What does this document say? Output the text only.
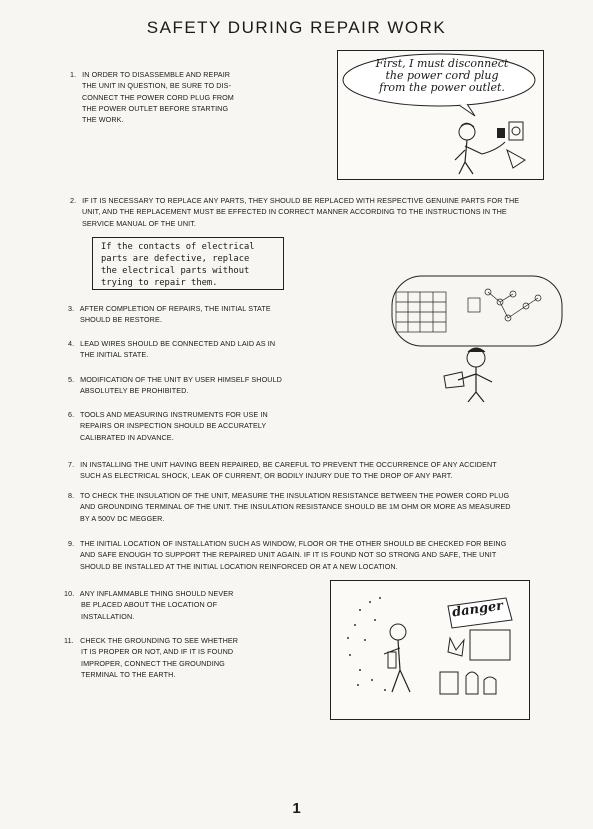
SAFETY DURING REPAIR WORK
1. IN ORDER TO DISASSEMBLE AND REPAIR
THE UNIT IN QUESTION, BE SURE TO DIS-
CONNECT THE POWER CORD PLUG FROM
THE POWER OUTLET BEFORE STARTING
THE WORK.
First, I must disconnect
the power cord plug
from the power outlet.
2. IF IT IS NECESSARY TO REPLACE ANY PARTS, THEY SHOULD BE REPLACED WITH RESPECTIVE GENUINE PARTS FOR THE
UNIT, AND THE REPLACEMENT MUST BE EFFECTED IN CORRECT MANNER ACCORDING TO THE INSTRUCTIONS IN THE
SERVICE MANUAL OF THE UNIT.
If the contacts of electrical
parts are defective, replace
the electrical parts without
trying to repair them.
3. AFTER COMPLETION OF REPAIRS, THE INITIAL STATE
SHOULD BE RESTORE.
4. LEAD WIRES SHOULD BE CONNECTED AND LAID AS IN
THE INITIAL STATE.
5. MODIFICATION OF THE UNIT BY USER HIMSELF SHOULD
ABSOLUTELY BE PROHIBITED.
6. TOOLS AND MEASURING INSTRUMENTS FOR USE IN
REPAIRS OR INSPECTION SHOULD BE ACCURATELY
CALIBRATED IN ADVANCE.
7. IN INSTALLING THE UNIT HAVING BEEN REPAIRED, BE CAREFUL TO PREVENT THE OCCURRENCE OF ANY ACCIDENT
SUCH AS ELECTRICAL SHOCK, LEAK OF CURRENT, OR BODILY INJURY DUE TO THE DROP OF ANY PART.
8. TO CHECK THE INSULATION OF THE UNIT, MEASURE THE INSULATION RESISTANCE BETWEEN THE POWER CORD PLUG
AND GROUNDING TERMINAL OF THE UNIT. THE INSULATION RESISTANCE SHOULD BE 1M OHM OR MORE AS MEASURED
BY A 500V DC MEGGER.
9. THE INITIAL LOCATION OF INSTALLATION SUCH AS WINDOW, FLOOR OR THE OTHER SHOULD BE CHECKED FOR BEING
AND SAFE ENOUGH TO SUPPORT THE REPAIRED UNIT AGAIN. IF IT IS FOUND NOT SO STRONG AND SAFE, THE UNIT
SHOULD BE INSTALLED AT THE INITIAL LOCATION REINFORCED OR AT A NEW LOCATION.
10. ANY INFLAMMABLE THING SHOULD NEVER
BE PLACED ABOUT THE LOCATION OF
INSTALLATION.
11. CHECK THE GROUNDING TO SEE WHETHER
IT IS PROPER OR NOT, AND IF IT IS FOUND
IMPROPER, CONNECT THE GROUNDING
TERMINAL TO THE EARTH.
danger
1
